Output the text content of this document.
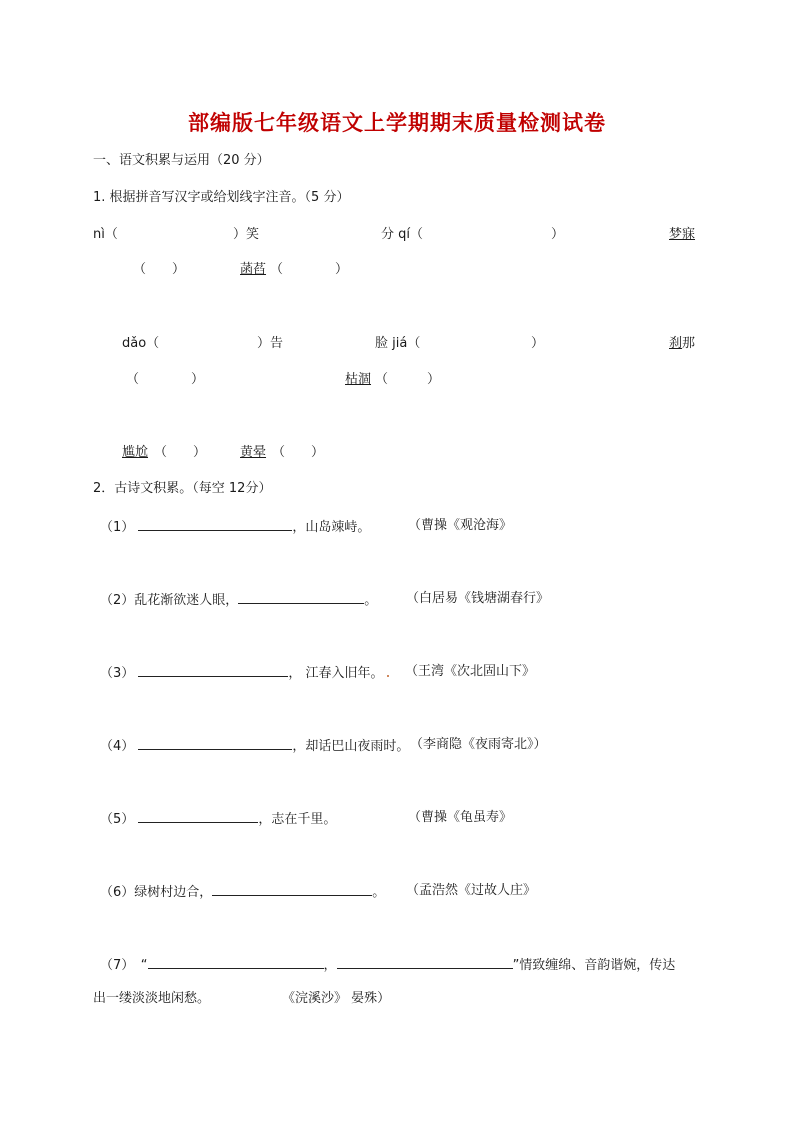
部编版七年级语文上学期期末质量检测试卷
一、语文积累与运用（20 分）
1. 根据拼音写汉字或给划线字注音。（5 分）
nì（	）笑	分 qí（	）	梦寐
（　　）	菡萏 （　　　　）
dǎo（	）告	脸 jiá（	）	刹那
（　　　　）	枯涸 （　　　）
尴尬 （　　）	黄晕 （　　）
2．古诗文积累。（每空 12分）
（1）	，山岛竦峙。	（曹操《观沧海》
（2）乱花渐欲迷人眼，	。 （白居易《钱塘湖春行》
（3）	， 江春入旧年。 （王湾《次北固山下》
（4）	，却话巴山夜雨时。 （李商隐《夜雨寄北》）
（5）	，志在千里。	（曹操《龟虽寿》
（6）绿树村边合，	。 （孟浩然《过故人庄》
（7）　 “	，	”情致缠绵、音韵谐婉，传达
出一缕淡淡地闲愁。	《浣溪沙》 晏殊）
